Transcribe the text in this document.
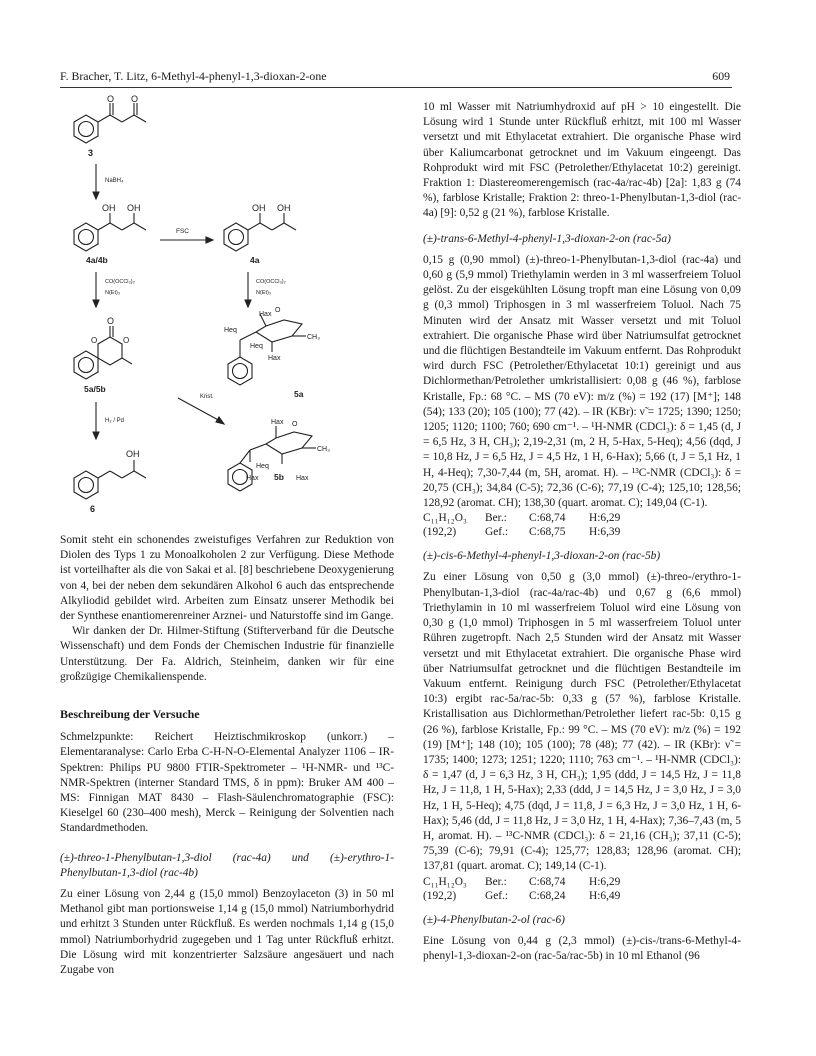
F. Bracher, T. Litz, 6-Methyl-4-phenyl-1,3-dioxan-2-one	609
O O
3
NaBH₄
OH OH
4a/4b
FSC
OH OH
4a
CO(OCCl₃)₂
N(Et)₃
CO(OCCl₃)₂
N(Et)₃
O
O	O
5a/5b
Hax
Heq
Heq
Hax
CH₃
O
5a
H₂ / Pd
Krist.
OH
6
Hax O
CH₃
Heq
Hax 5b Hax

Somit steht ein schonendes zweistufiges Verfahren zur Reduktion von Diolen des Typs 1 zu Monoalkoholen 2 zur Verfügung. Diese Methode ist vorteilhafter als die von Sakai et al. [8] beschriebene Deoxygenierung von 4, bei der neben dem sekundären Alkohol 6 auch das entsprechende Alkyliodid gebildet wird. Arbeiten zum Einsatz unserer Methodik bei der Synthese enantiomerenreiner Arznei- und Naturstoffe sind im Gange.

Wir danken der Dr. Hilmer-Stiftung (Stifterverband für die Deutsche Wissenschaft) und dem Fonds der Chemischen Industrie für finanzielle Unterstützung. Der Fa. Aldrich, Steinheim, danken wir für eine großzügige Chemikalienspende.

Beschreibung der Versuche

Schmelzpunkte: Reichert Heiztischmikroskop (unkorr.) – Elementaranalyse: Carlo Erba C-H-N-O-Elemental Analyzer 1106 – IR-Spektren: Philips PU 9800 FTIR-Spektrometer – ¹H-NMR- und ¹³C-NMR-Spektren (interner Standard TMS, δ in ppm): Bruker AM 400 – MS: Finnigan MAT 8430 – Flash-Säulenchromatographie (FSC): Kieselgel 60 (230–400 mesh), Merck – Reinigung der Solventien nach Standardmethoden.

(±)-threo-1-Phenylbutan-1,3-diol (rac-4a) und (±)-erythro-1-Phenylbutan-1,3-diol (rac-4b)

Zu einer Lösung von 2,44 g (15,0 mmol) Benzoylaceton (3) in 50 ml Methanol gibt man portionsweise 1,14 g (15,0 mmol) Natriumborhydrid und erhitzt 3 Stunden unter Rückfluß. Es werden nochmals 1,14 g (15,0 mmol) Natriumborhydrid zugegeben und 1 Tag unter Rückfluß erhitzt. Die Lösung wird mit konzentrierter Salzsäure angesäuert und nach Zugabe von

10 ml Wasser mit Natriumhydroxid auf pH > 10 eingestellt. Die Lösung wird 1 Stunde unter Rückfluß erhitzt, mit 100 ml Wasser versetzt und mit Ethylacetat extrahiert. Die organische Phase wird über Kaliumcarbonat getrocknet und im Vakuum eingeengt. Das Rohprodukt wird mit FSC (Petrolether/Ethylacetat 10:2) gereinigt. Fraktion 1: Diastereomerengemisch (rac-4a/rac-4b) [2a]: 1,83 g (74 %), farblose Kristalle; Fraktion 2: threo-1-Phenylbutan-1,3-diol (rac-4a) [9]: 0,52 g (21 %), farblose Kristalle.

(±)-trans-6-Methyl-4-phenyl-1,3-dioxan-2-on (rac-5a)

0,15 g (0,90 mmol) (±)-threo-1-Phenylbutan-1,3-diol (rac-4a) und 0,60 g (5,9 mmol) Triethylamin werden in 3 ml wasserfreiem Toluol gelöst. Zu der eisgekühlten Lösung tropft man eine Lösung von 0,09 g (0,3 mmol) Triphosgen in 3 ml wasserfreiem Toluol. Nach 75 Minuten wird der Ansatz mit Wasser versetzt und mit Toluol extrahiert. Die organische Phase wird über Natriumsulfat getrocknet und die flüchtigen Bestandteile im Vakuum entfernt. Das Rohprodukt wird durch FSC (Petrolether/Ethylacetat 10:1) gereinigt und aus Dichlormethan/Petrolether umkristallisiert: 0,08 g (46 %), farblose Kristalle, Fp.: 68 °C. – MS (70 eV): m/z (%) = 192 (17) [M⁺]; 148 (54); 133 (20); 105 (100); 77 (42). – IR (KBr): ν̃ = 1725; 1390; 1250; 1205; 1120; 1100; 760; 690 cm⁻¹. – ¹H-NMR (CDCl₃): δ = 1,45 (d, J = 6,5 Hz, 3 H, CH₃); 2,19-2,31 (m, 2 H, 5-Hax, 5-Heq); 4,56 (dqd, J = 10,8 Hz, J = 6,5 Hz, J = 4,5 Hz, 1 H, 6-Hax); 5,66 (t, J = 5,1 Hz, 1 H, 4-Heq); 7,30-7,44 (m, 5H, aromat. H). – ¹³C-NMR (CDCl₃): δ = 20,75 (CH₃); 34,84 (C-5); 72,36 (C-6); 77,19 (C-4); 125,10; 128,56; 128,92 (aromat. CH); 138,30 (quart. aromat. C); 149,04 (C-1).

C₁₁H₁₂O₃	Ber.:	C:68,74	H:6,29
(192,2)	Gef.:	C:68,75	H:6,39

(±)-cis-6-Methyl-4-phenyl-1,3-dioxan-2-on (rac-5b)

Zu einer Lösung von 0,50 g (3,0 mmol) (±)-threo-/erythro-1-Phenylbutan-1,3-diol (rac-4a/rac-4b) und 0,67 g (6,6 mmol) Triethylamin in 10 ml wasserfreiem Toluol wird eine Lösung von 0,30 g (1,0 mmol) Triphosgen in 5 ml wasserfreiem Toluol unter Rühren zugetropft. Nach 2,5 Stunden wird der Ansatz mit Wasser versetzt und mit Ethylacetat extrahiert. Die organische Phase wird über Natriumsulfat getrocknet und die flüchtigen Bestandteile im Vakuum entfernt. Reinigung durch FSC (Petrolether/Ethylacetat 10:3) ergibt rac-5a/rac-5b: 0,33 g (57 %), farblose Kristalle. Kristallisation aus Dichlormethan/Petrolether liefert rac-5b: 0,15 g (26 %), farblose Kristalle, Fp.: 99 °C. – MS (70 eV): m/z (%) = 192 (19) [M⁺]; 148 (10); 105 (100); 78 (48); 77 (42). – IR (KBr): ν̃ = 1735; 1400; 1273; 1251; 1220; 1110; 763 cm⁻¹. – ¹H-NMR (CDCl₃): δ = 1,47 (d, J = 6,3 Hz, 3 H, CH₃); 1,95 (ddd, J = 14,5 Hz, J = 11,8 Hz, J = 11,8, 1 H, 5-Hax); 2,33 (ddd, J = 14,5 Hz, J = 3,0 Hz, J = 3,0 Hz, 1 H, 5-Heq); 4,75 (dqd, J = 11,8, J = 6,3 Hz, J = 3,0 Hz, 1 H, 6-Hax); 5,46 (dd, J = 11,8 Hz, J = 3,0 Hz, 1 H, 4-Hax); 7,36–7,43 (m, 5 H, aromat. H). – ¹³C-NMR (CDCl₃): δ = 21,16 (CH₃); 37,11 (C-5); 75,39 (C-6); 79,91 (C-4); 125,77; 128,83; 128,96 (aromat. CH); 137,81 (quart. aromat. C); 149,14 (C-1).

C₁₁H₁₂O₃	Ber.:	C:68,74	H:6,29
(192,2)	Gef.:	C:68,24	H:6,49

(±)-4-Phenylbutan-2-ol (rac-6)

Eine Lösung von 0,44 g (2,3 mmol) (±)-cis-/trans-6-Methyl-4-phenyl-1,3-dioxan-2-on (rac-5a/rac-5b) in 10 ml Ethanol (96
